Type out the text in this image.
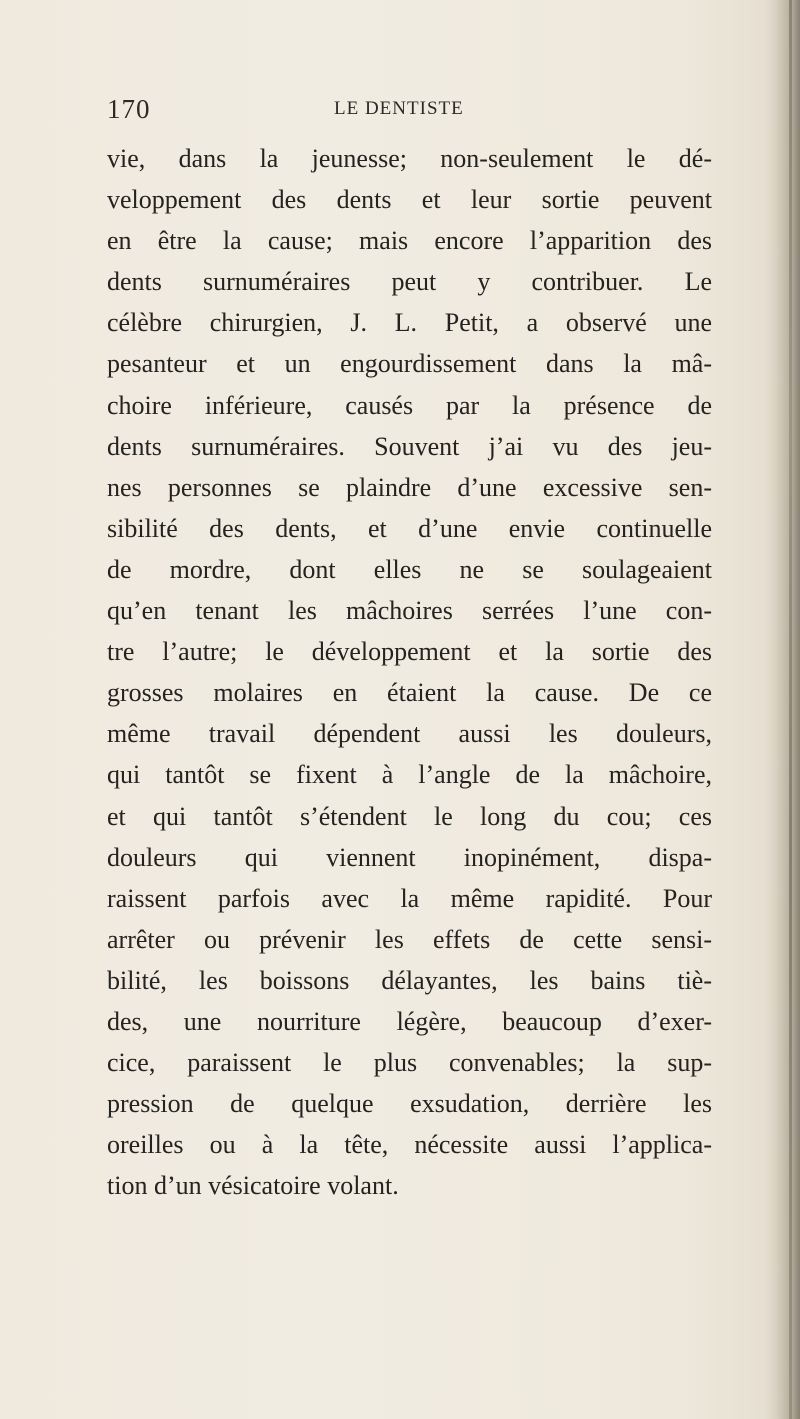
170	LE DENTISTE
vie, dans la jeunesse; non-seulement le dé-
veloppement des dents et leur sortie peuvent
en être la cause; mais encore l’apparition des
dents surnuméraires peut y contribuer. Le
célèbre chirurgien, J. L. Petit, a observé une
pesanteur et un engourdissement dans la mâ-
choire inférieure, causés par la présence de
dents surnuméraires. Souvent j’ai vu des jeu-
nes personnes se plaindre d’une excessive sen-
sibilité des dents, et d’une envie continuelle
de mordre, dont elles ne se soulageaient
qu’en tenant les mâchoires serrées l’une con-
tre l’autre; le développement et la sortie des
grosses molaires en étaient la cause. De ce
même travail dépendent aussi les douleurs,
qui tantôt se fixent à l’angle de la mâchoire,
et qui tantôt s’étendent le long du cou; ces
douleurs qui viennent inopinément, dispa-
raissent parfois avec la même rapidité. Pour
arrêter ou prévenir les effets de cette sensi-
bilité, les boissons délayantes, les bains tiè-
des, une nourriture légère, beaucoup d’exer-
cice, paraissent le plus convenables; la sup-
pression de quelque exsudation, derrière les
oreilles ou à la tête, nécessite aussi l’applica-
tion d’un vésicatoire volant.
